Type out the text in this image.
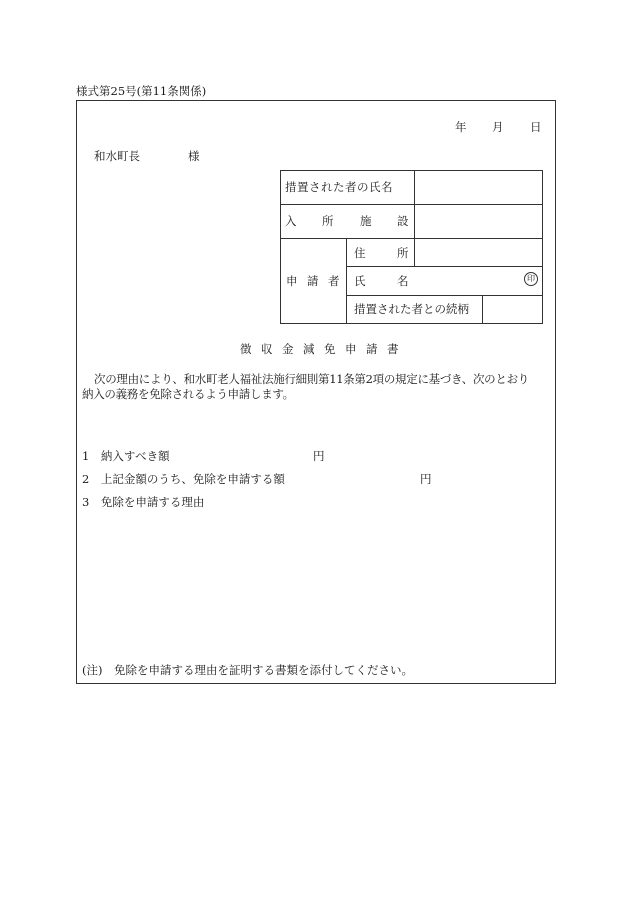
様式第25号(第11条関係)
年 月 日
和水町長	様
措置された者の氏名
入 所 施 設
申 請 者
住	所
氏	名	印
措置された者との続柄
徴 収 金 減 免 申 請 書
次の理由により、和水町老人福祉法施行細則第11条第2項の規定に基づき、次のとおり
納入の義務を免除されるよう申請します。
1　納入すべき額	円
2　上記金額のうち、免除を申請する額	円
3　免除を申請する理由
(注)　免除を申請する理由を証明する書類を添付してください。
